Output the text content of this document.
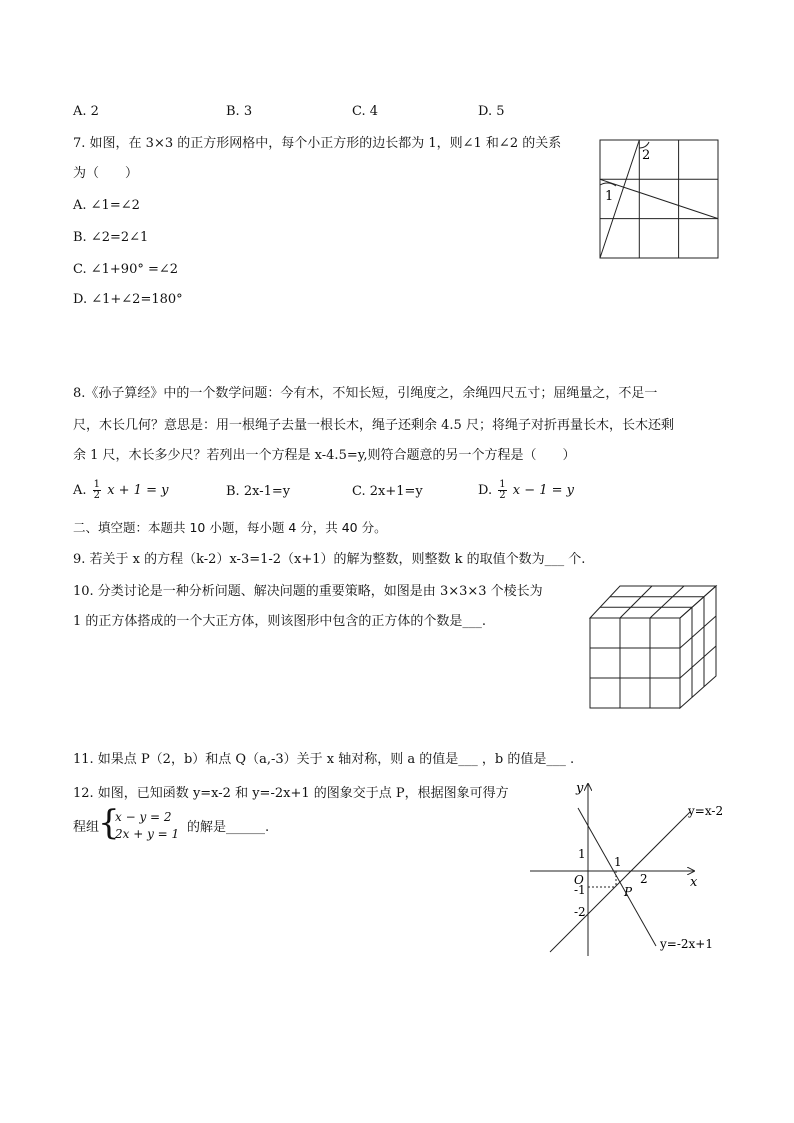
A. 2	B. 3	C. 4	D. 5
7. 如图，在 3×3 的正方形网格中，每个小正方形的边长都为 1，则∠1 和∠2 的关系
为（　　）
A. ∠1=∠2
B. ∠2=2∠1
C. ∠1+90° =∠2
D. ∠1+∠2=180°
1
2
8.《孙子算经》中的一个数学问题：今有木，不知长短，引绳度之，余绳四尺五寸；屈绳量之，不足一
尺，木长几何？意思是：用一根绳子去量一根长木，绳子还剩余 4.5 尺；将绳子对折再量长木，长木还剩
余 1 尺，木长多少尺？若列出一个方程是 x-4.5=y,则符合题意的另一个方程是（　　）
A. $\frac{1}{2}$ x + 1 = y	B. 2x-1=y	C. 2x+1=y	D. $\frac{1}{2}$ x − 1 = y
二、填空题：本题共 10 小题，每小题 4 分，共 40 分。
9. 若关于 x 的方程（k-2）x-3=1-2（x+1）的解为整数，则整数 k 的取值个数为___ 个.
10. 分类讨论是一种分析问题、解决问题的重要策略，如图是由 3×3×3 个棱长为
1 的正方体搭成的一个大正方体，则该图形中包含的正方体的个数是___.
11. 如果点 P（2，b）和点 Q（a,-3）关于 x 轴对称，则 a 的值是___ ，b 的值是___ .
12. 如图，已知函数 y=x-2 和 y=-2x+1 的图象交于点 P，根据图象可得方
程组
{
x − y = 2
2x + y = 1 的解是______.
y
x
O
1
1
2
-1
-2
P
y=x-2
y=-2x+1
